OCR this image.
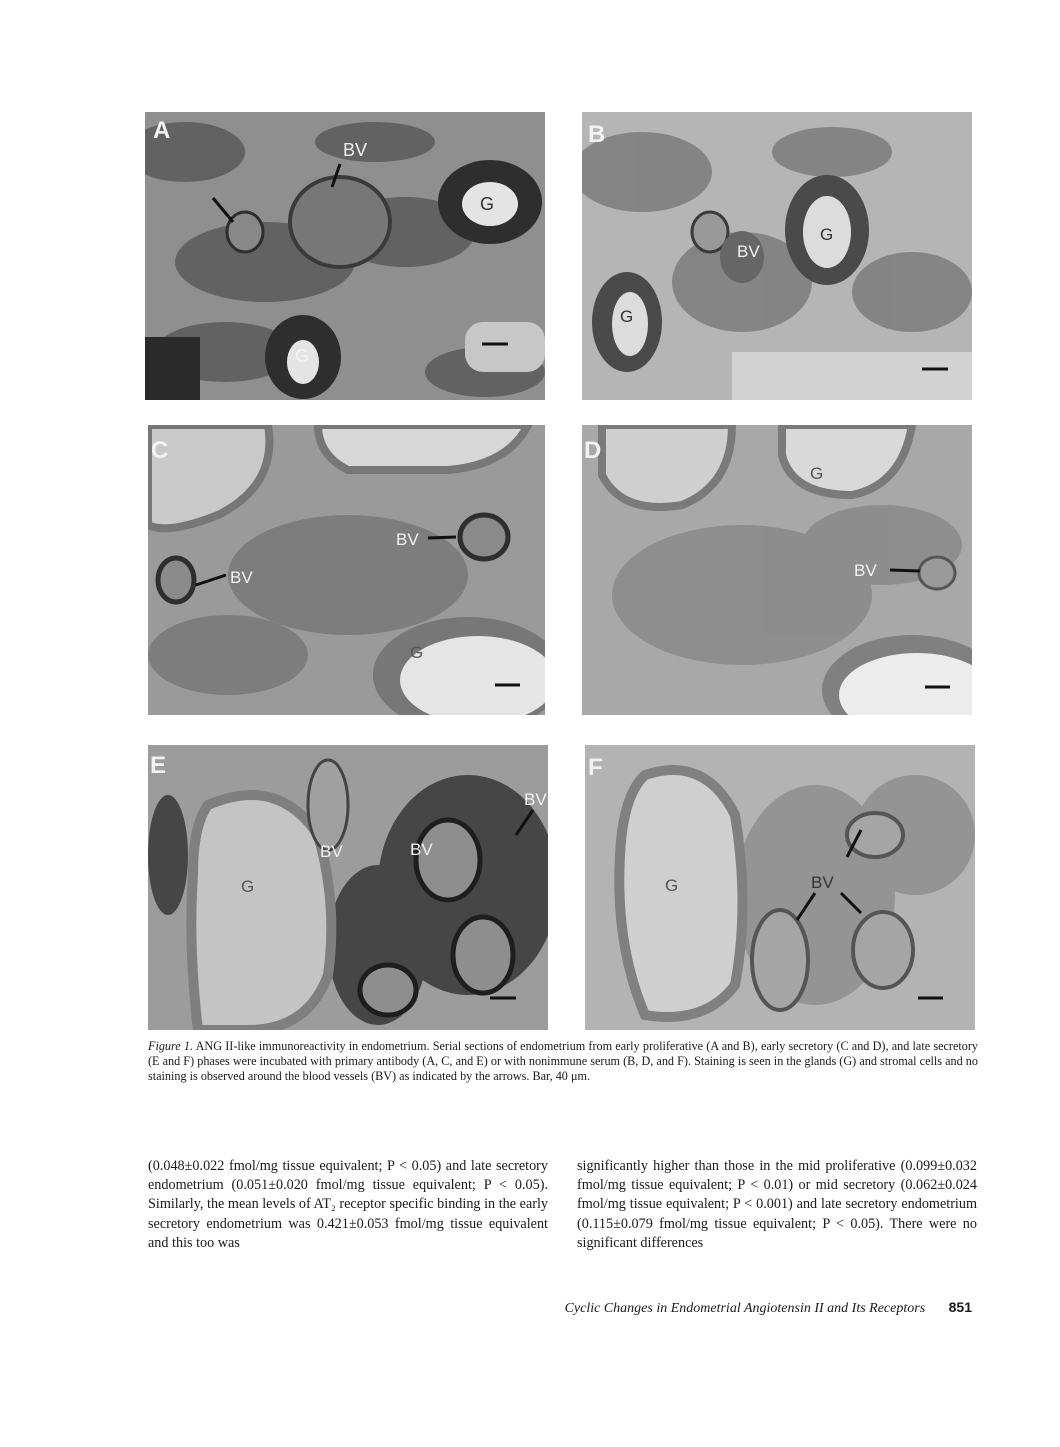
A
BV
G
G
B
BV
G
G
C
BV
BV
G
D
G
BV
E
BV
BV
BV
G
F
BV
G
Figure 1. ANG II-like immunoreactivity in endometrium. Serial sections of endometrium from early proliferative (A and B), early secretory (C and D), and late secretory (E and F) phases were incubated with primary antibody (A, C, and E) or with nonimmune serum (B, D, and F). Staining is seen in the glands (G) and stromal cells and no staining is observed around the blood vessels (BV) as indicated by the arrows. Bar, 40 μm.
(0.048±0.022 fmol/mg tissue equivalent; P < 0.05) and late secretory endometrium (0.051±0.020 fmol/mg tissue equivalent; P < 0.05). Similarly, the mean levels of AT₂ receptor specific binding in the early secretory endometrium was 0.421±0.053 fmol/mg tissue equivalent and this too was
significantly higher than those in the mid proliferative (0.099±0.032 fmol/mg tissue equivalent; P < 0.01) or mid secretory (0.062±0.024 fmol/mg tissue equivalent; P < 0.001) and late secretory endometrium (0.115±0.079 fmol/mg tissue equivalent; P < 0.05). There were no significant differences
Cyclic Changes in Endometrial Angiotensin II and Its Receptors 851
